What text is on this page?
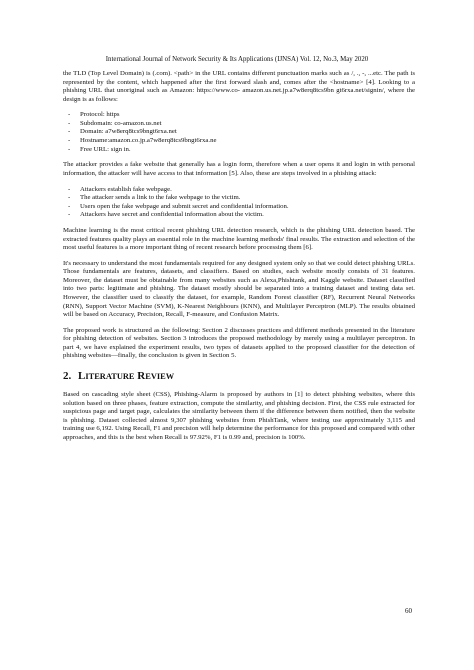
International Journal of Network Security & Its Applications (IJNSA) Vol. 12, No.3, May 2020

the TLD (Top Level Domain) is (.com). <path> in the URL contains different punctuation marks such as /, ., -, ...etc. The path is represented by the content, which happened after the first forward slash and, comes after the <hostname> [4]. Looking to a phishing URL that unoriginal such as Amazon: https://www.co- amazon.us.net.jp.a7w8erq8tcs9bn gt6rxa.net/signin/, where the design is as follows:

- Protocol: https
- Subdomain: co-amazon.us.net
- Domain: a7w8erq8tcs9bngt6rxa.net
- Hostname:amazon.co.jp.a7w8erq8tcs9bngt6rxa.ne
- Free URL: sign in.

The attacker provides a fake website that generally has a login form, therefore when a user opens it and login in with personal information, the attacker will have access to that information [5]. Also, these are steps involved in a phishing attack:

- Attackers establish fake webpage.
- The attacker sends a link to the fake webpage to the victim.
- Users open the fake webpage and submit secret and confidential information.
- Attackers have secret and confidential information about the victim.

Machine learning is the most critical recent phishing URL detection research, which is the phishing URL detection based. The extracted features quality plays an essential role in the machine learning methods' final results. The extraction and selection of the most useful features is a more important thing of recent research before processing them [6].

It's necessary to understand the most fundamentals required for any designed system only so that we could detect phishing URLs. Those fundamentals are features, datasets, and classifiers. Based on studies, each website mostly consists of 31 features. Moreover, the dataset must be obtainable from many websites such as Alexa,Phishtank, and Kaggle website. Dataset classified into two parts: legitimate and phishing. The dataset mostly should be separated into a training dataset and testing data set. However, the classifier used to classify the dataset, for example, Random Forest classifier (RF), Recurrent Neural Networks (RNN), Support Vector Machine (SVM), K-Nearest Neighbours (KNN), and Multilayer Perceptron (MLP). The results obtained will be based on Accuracy, Precision, Recall, F-measure, and Confusion Matrix.

The proposed work is structured as the following: Section 2 discusses practices and different methods presented in the literature for phishing detection of websites. Section 3 introduces the proposed methodology by merely using a multilayer perceptron. In part 4, we have explained the experiment results, two types of datasets applied to the proposed classifier for the detection of phishing websites—finally, the conclusion is given in Section 5.

2. LITERATURE REVIEW

Based on cascading style sheet (CSS), Phishing-Alarm is proposed by authors in [1] to detect phishing websites, where this solution based on three phases, feature extraction, compute the similarity, and phishing decision. First, the CSS rule extracted for suspicious page and target page, calculates the similarity between them if the difference between them notified, then the website is phishing. Dataset collected almost 9,307 phishing websites from PhishTank, where testing use approximately 3,115 and training use 6,192. Using Recall, F1 and precision will help determine the performance for this proposed and compared with other approaches, and this is the best when Recall is 97.92%, F1 is 0.99 and, precision is 100%.

60
